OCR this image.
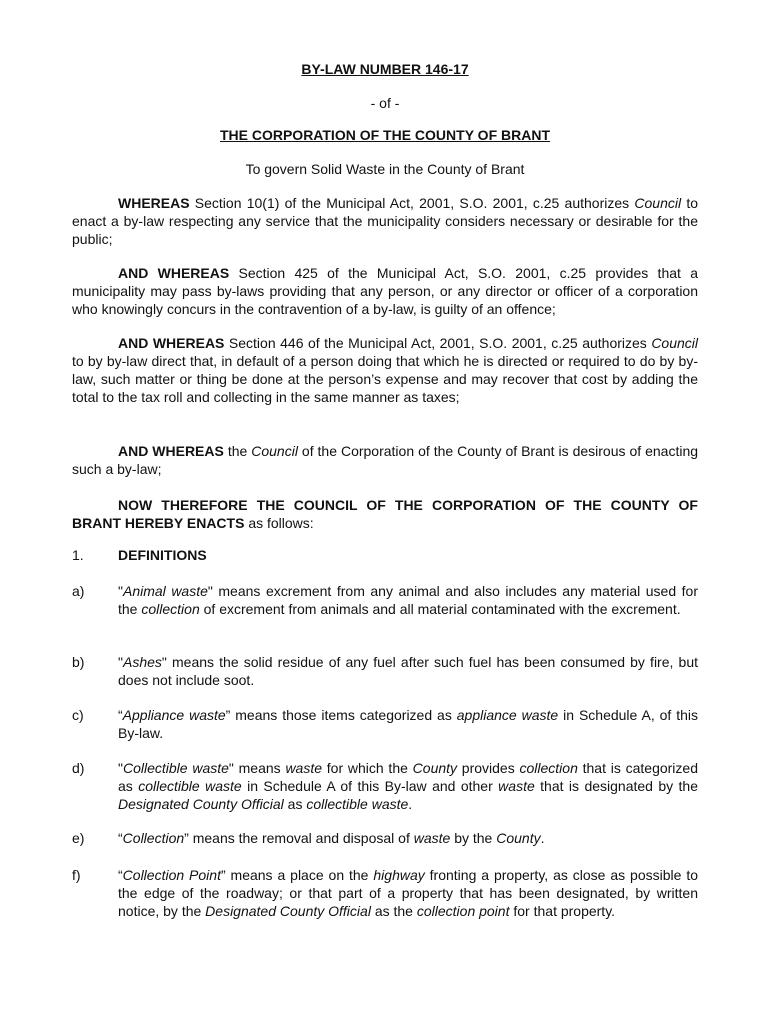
BY-LAW NUMBER 146-17
- of -
THE CORPORATION OF THE COUNTY OF BRANT
To govern Solid Waste in the County of Brant
WHEREAS Section 10(1) of the Municipal Act, 2001, S.O. 2001, c.25 authorizes Council to enact a by-law respecting any service that the municipality considers necessary or desirable for the public;
AND WHEREAS Section 425 of the Municipal Act, S.O. 2001, c.25 provides that a municipality may pass by-laws providing that any person, or any director or officer of a corporation who knowingly concurs in the contravention of a by-law, is guilty of an offence;
AND WHEREAS Section 446 of the Municipal Act, 2001, S.O. 2001, c.25 authorizes Council to by by-law direct that, in default of a person doing that which he is directed or required to do by by-law, such matter or thing be done at the person’s expense and may recover that cost by adding the total to the tax roll and collecting in the same manner as taxes;
AND WHEREAS the Council of the Corporation of the County of Brant is desirous of enacting such a by-law;
NOW THEREFORE THE COUNCIL OF THE CORPORATION OF THE COUNTY OF BRANT HEREBY ENACTS as follows:
1. DEFINITIONS
a) "Animal waste" means excrement from any animal and also includes any material used for the collection of excrement from animals and all material contaminated with the excrement.
b) "Ashes" means the solid residue of any fuel after such fuel has been consumed by fire, but does not include soot.
c) “Appliance waste” means those items categorized as appliance waste in Schedule A, of this By-law.
d) "Collectible waste" means waste for which the County provides collection that is categorized as collectible waste in Schedule A of this By-law and other waste that is designated by the Designated County Official as collectible waste.
e) “Collection” means the removal and disposal of waste by the County.
f)	“Collection Point” means a place on the highway fronting a property, as close as possible to the edge of the roadway; or that part of a property that has been designated, by written notice, by the Designated County Official as the collection point for that property.
